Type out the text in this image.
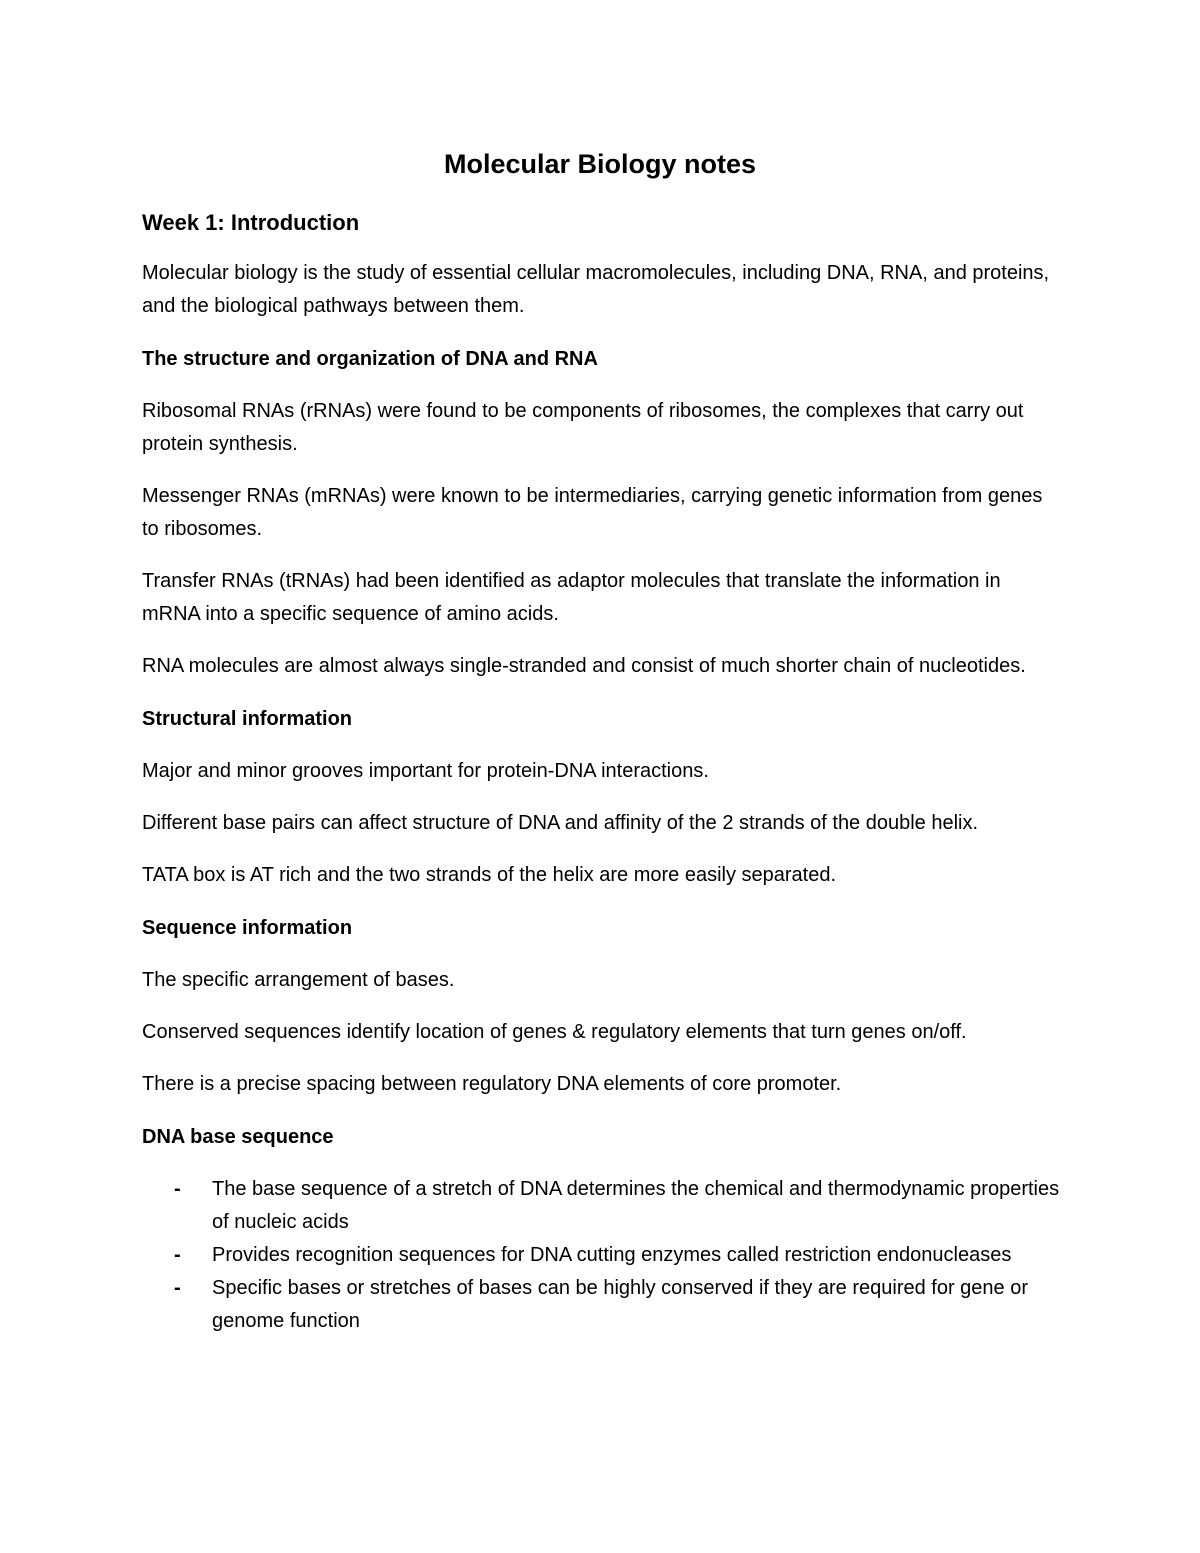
Molecular Biology notes
Week 1: Introduction

Molecular biology is the study of essential cellular macromolecules, including DNA, RNA, and proteins, and the biological pathways between them.

The structure and organization of DNA and RNA

Ribosomal RNAs (rRNAs) were found to be components of ribosomes, the complexes that carry out protein synthesis.

Messenger RNAs (mRNAs) were known to be intermediaries, carrying genetic information from genes to ribosomes.

Transfer RNAs (tRNAs) had been identified as adaptor molecules that translate the information in mRNA into a specific sequence of amino acids.

RNA molecules are almost always single-stranded and consist of much shorter chain of nucleotides.

Structural information

Major and minor grooves important for protein-DNA interactions.

Different base pairs can affect structure of DNA and affinity of the 2 strands of the double helix.

TATA box is AT rich and the two strands of the helix are more easily separated.

Sequence information

The specific arrangement of bases.

Conserved sequences identify location of genes & regulatory elements that turn genes on/off.

There is a precise spacing between regulatory DNA elements of core promoter.

DNA base sequence
- The base sequence of a stretch of DNA determines the chemical and thermodynamic properties of nucleic acids
- Provides recognition sequences for DNA cutting enzymes called restriction endonucleases
- Specific bases or stretches of bases can be highly conserved if they are required for gene or genome function
